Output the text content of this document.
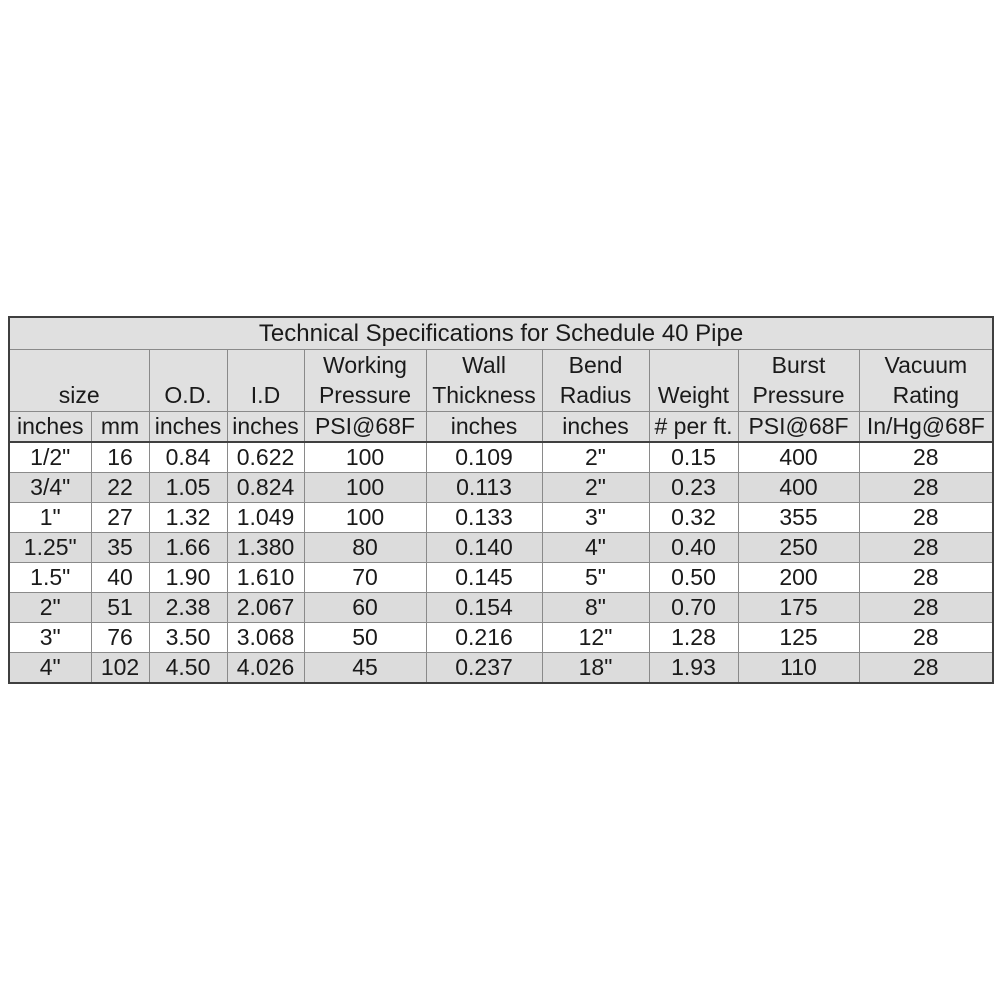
Technical Specifications for Schedule 40 Pipe									
size		O.D.	I.D	Working Pressure	Wall Thickness	Bend Radius	Weight	Burst Pressure	Vacuum Rating
inches	mm	inches	inches	PSI@68F	inches	inches	# per ft.	PSI@68F	In/Hg@68F
1/2"	16	0.84	0.622	100	0.109	2"	0.15	400	28
3/4"	22	1.05	0.824	100	0.113	2"	0.23	400	28
1"	27	1.32	1.049	100	0.133	3"	0.32	355	28
1.25"	35	1.66	1.380	80	0.140	4"	0.40	250	28
1.5"	40	1.90	1.610	70	0.145	5"	0.50	200	28
2"	51	2.38	2.067	60	0.154	8"	0.70	175	28
3"	76	3.50	3.068	50	0.216	12"	1.28	125	28
4"	102	4.50	4.026	45	0.237	18"	1.93	110	28
